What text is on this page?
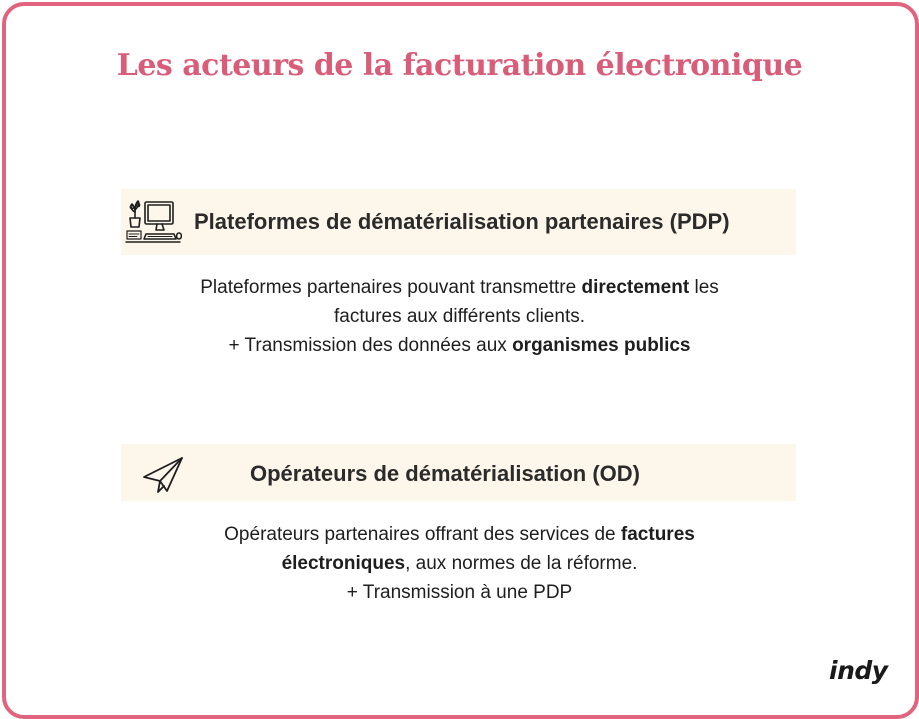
Les acteurs de la facturation électronique
Plateformes de dématérialisation partenaires (PDP)
Plateformes partenaires pouvant transmettre directement les
factures aux différents clients.
+ Transmission des données aux organismes publics
Opérateurs de dématérialisation (OD)
Opérateurs partenaires offrant des services de factures
électroniques, aux normes de la réforme.
+ Transmission à une PDP
indy
